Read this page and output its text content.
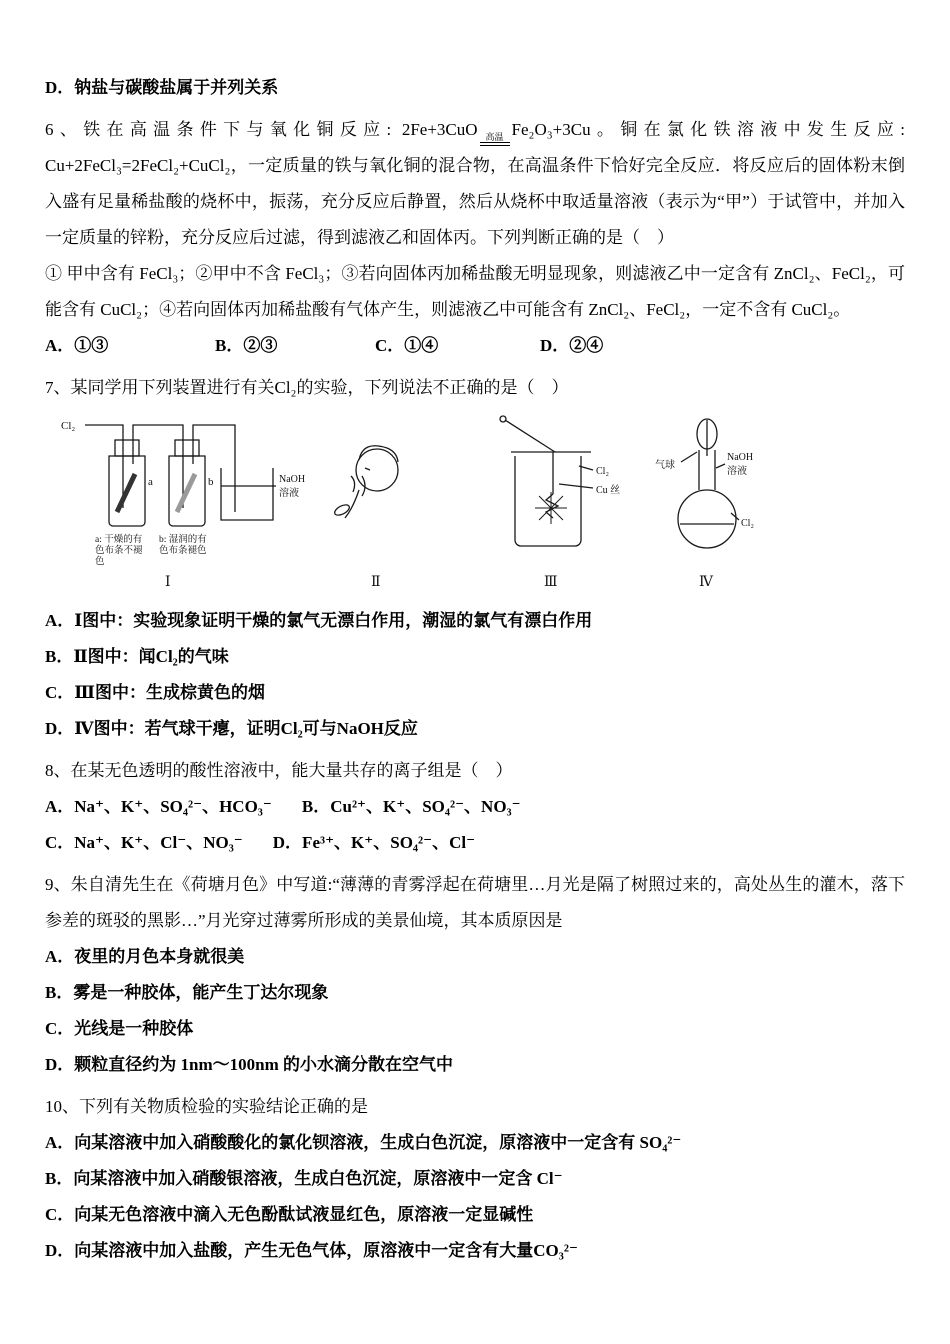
D．钠盐与碳酸盐属于并列关系

6、铁在高温条件下与氧化铜反应: 2Fe+3CuO 高温 Fe₂O₃+3Cu。铜在氯化铁溶液中发生反应: Cu+2FeCl₃=2FeCl₂+CuCl₂，一定质量的铁与氧化铜的混合物，在高温条件下恰好完全反应．将反应后的固体粉末倒入盛有足量稀盐酸的烧杯中，振荡，充分反应后静置，然后从烧杯中取适量溶液（表示为“甲”）于试管中，并加入一定质量的锌粉，充分反应后过滤，得到滤液乙和固体丙。下列判断正确的是（　）

① 甲中含有 FeCl₃；②甲中不含 FeCl₃；③若向固体丙加稀盐酸无明显现象，则滤液乙中一定含有 ZnCl₂、FeCl₂，可能含有 CuCl₂；④若向固体丙加稀盐酸有气体产生，则滤液乙中可能含有 ZnCl₂、FeCl₂，一定不含有 CuCl₂。

A．①③	B．②③	C．①④	D．②④

7、某同学用下列装置进行有关Cl₂的实验，下列说法不正确的是（　）

Cl₂
a	b	NaOH
溶液
a: 干燥的有
色布条不褪
色
b: 湿润的有
色布条褪色
Ⅰ	Ⅱ
Cl₂
Cu 丝
Ⅲ
气球
NaOH
溶液
Cl₂
Ⅳ

A．Ⅰ图中：实验现象证明干燥的氯气无漂白作用，潮湿的氯气有漂白作用

B．Ⅱ图中：闻Cl₂的气味

C．Ⅲ图中：生成棕黄色的烟

D．Ⅳ图中：若气球干瘪，证明Cl₂可与NaOH反应

8、在某无色透明的酸性溶液中，能大量共存的离子组是（　）

A．Na⁺、K⁺、SO₄²⁻、HCO₃⁻ B．Cu²⁺、K⁺、SO₄²⁻、NO₃⁻
C．Na⁺、K⁺、Cl⁻、NO₃⁻ D．Fe³⁺、K⁺、SO₄²⁻、Cl⁻

9、朱自清先生在《荷塘月色》中写道:“薄薄的青雾浮起在荷塘里…月光是隔了树照过来的，高处丛生的灌木，落下参差的斑驳的黑影…”月光穿过薄雾所形成的美景仙境，其本质原因是

A．夜里的月色本身就很美

B．雾是一种胶体，能产生丁达尔现象

C．光线是一种胶体

D．颗粒直径约为 1nm～100nm 的小水滴分散在空气中

10、下列有关物质检验的实验结论正确的是

A．向某溶液中加入硝酸酸化的氯化钡溶液，生成白色沉淀，原溶液中一定含有 SO₄²⁻

B．向某溶液中加入硝酸银溶液，生成白色沉淀，原溶液中一定含 Cl⁻

C．向某无色溶液中滴入无色酚酞试液显红色，原溶液一定显碱性

D．向某溶液中加入盐酸，产生无色气体，原溶液中一定含有大量CO₃²⁻
